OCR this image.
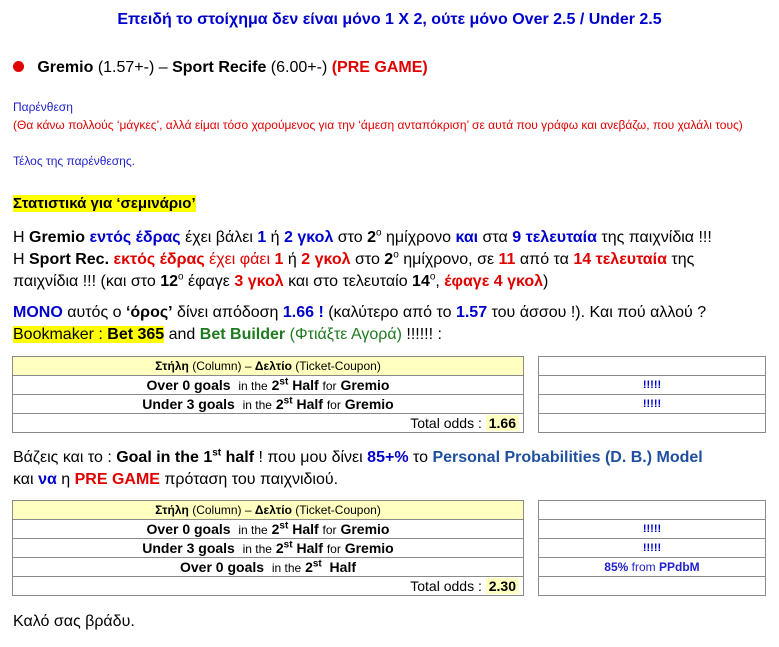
Επειδή το στοίχημα δεν είναι μόνο 1 Χ 2, ούτε μόνο Over 2.5 / Under 2.5
Gremio (1.57+-) – Sport Recife (6.00+-) (PRE GAME)
Παρένθεση
(Θα κάνω πολλούς ‘μάγκες’, αλλά είμαι τόσο χαρούμενος για την ‘άμεση ανταπόκριση’ σε αυτά που γράφω και ανεβάζω, που χαλάλι τους)
Τέλος της παρένθεσης.
Στατιστικά για ‘σεμινάριο’
Η Gremio εντός έδρας έχει βάλει 1 ή 2 γκολ στο $2^o$ ημίχρονο και στα 9 τελευταία της παιχνίδια !!!
Η Sport Rec. εκτός έδρας έχει φάει 1 ή 2 γκολ στο $2^o$ ημίχρονο, σε 11 από τα 14 τελευταία της
παιχνίδια !!! (και στο $12^o$ έφαγε 3 γκολ και στο τελευταίο $14^o$, έφαγε 4 γκολ)
ΜΟΝΟ αυτός ο ‘όρος’ δίνει απόδοση 1.66 ! (καλύτερο από το 1.57 του άσσου !). Και πού αλλού ?
Bookmaker : Bet 365 and Bet Builder (Φτιάξτε Αγορά) !!!!!! :
Στήλη (Column) – Δελτίο (Ticket-Coupon)		
Over 0 goals in the 2st Half for Gremio		!!!!!
Under 3 goals in the 2st Half for Gremio		!!!!!
Total odds : 1.66		
Βάζεις και το : Goal in the 1st half ! που μου δίνει 85+% το Personal Probabilities (D. B.) Model
και να η PRE GAME πρόταση του παιχνιδιού.
Στήλη (Column) – Δελτίο (Ticket-Coupon)		
Over 0 goals in the 2st Half for Gremio		!!!!!
Under 3 goals in the 2st Half for Gremio		!!!!!
Over 0 goals in the 2st Half		85% from PPdbM
Total odds : 2.30		
Καλό σας βράδυ.
